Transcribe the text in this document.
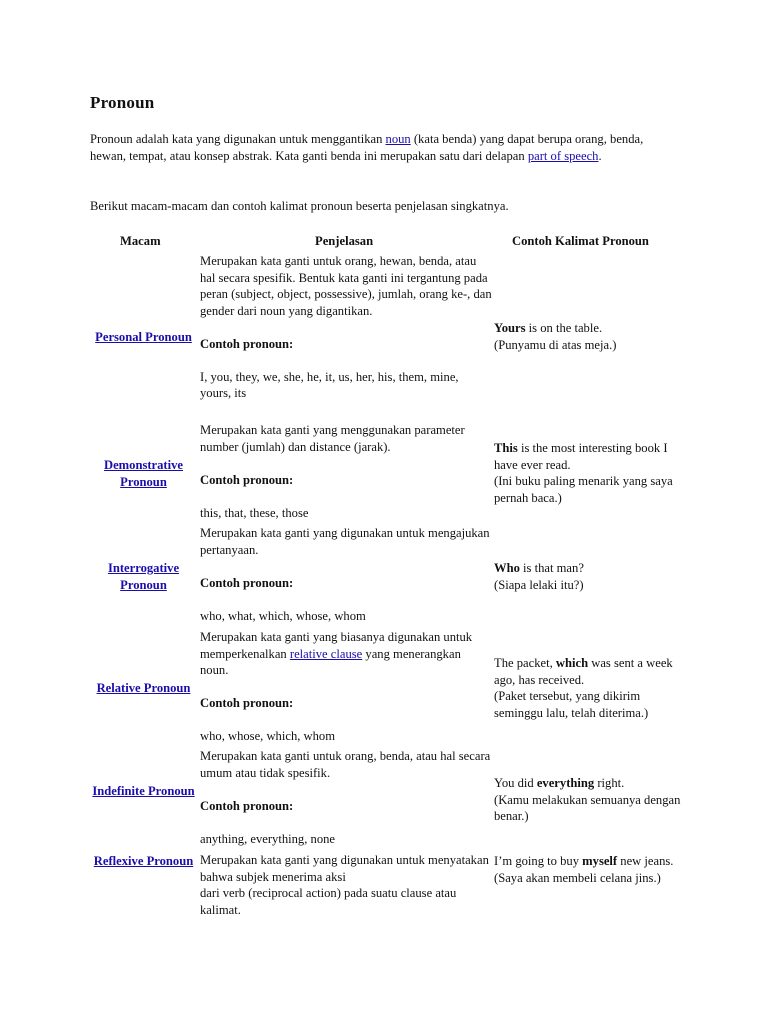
Pronoun

Pronoun adalah kata yang digunakan untuk menggantikan noun (kata benda) yang dapat berupa orang, benda, hewan, tempat, atau konsep abstrak. Kata ganti benda ini merupakan satu dari delapan part of speech.

Berikut macam-macam dan contoh kalimat pronoun beserta penjelasan singkatnya.

Macam	Penjelasan	Contoh Kalimat Pronoun
Personal Pronoun

Merupakan kata ganti untuk orang, hewan, benda, atau hal secara spesifik. Bentuk kata ganti ini tergantung pada peran (subject, object, possessive), jumlah, orang ke-, dan gender dari noun yang digantikan.

Contoh pronoun:

I, you, they, we, she, he, it, us, her, his, them, mine, yours, its

Yours is on the table.

(Punyamu di atas meja.)

Demonstrative Pronoun

Merupakan kata ganti yang menggunakan parameter number (jumlah) dan distance (jarak).

Contoh pronoun:

this, that, these, those

This is the most interesting book I have ever read.

(Ini buku paling menarik yang saya pernah baca.)

Interrogative Pronoun

Merupakan kata ganti yang digunakan untuk mengajukan pertanyaan.

Contoh pronoun:

who, what, which, whose, whom

Who is that man?

(Siapa lelaki itu?)

Relative Pronoun

Merupakan kata ganti yang biasanya digunakan untuk memperkenalkan relative clause yang menerangkan noun.

Contoh pronoun:

who, whose, which, whom

The packet, which was sent a week ago, has received.

(Paket tersebut, yang dikirim seminggu lalu, telah diterima.)

Indefinite Pronoun

Merupakan kata ganti untuk orang, benda, atau hal secara umum atau tidak spesifik.

Contoh pronoun:

anything, everything, none

You did everything right.

(Kamu melakukan semuanya dengan benar.)

Reflexive Pronoun Merupakan kata ganti yang digunakan untuk menyatakan bahwa subjek menerima aksi

dari verb (reciprocal action) pada suatu clause atau kalimat.

I’m going to buy myself new jeans.

(Saya akan membeli celana jins.)
